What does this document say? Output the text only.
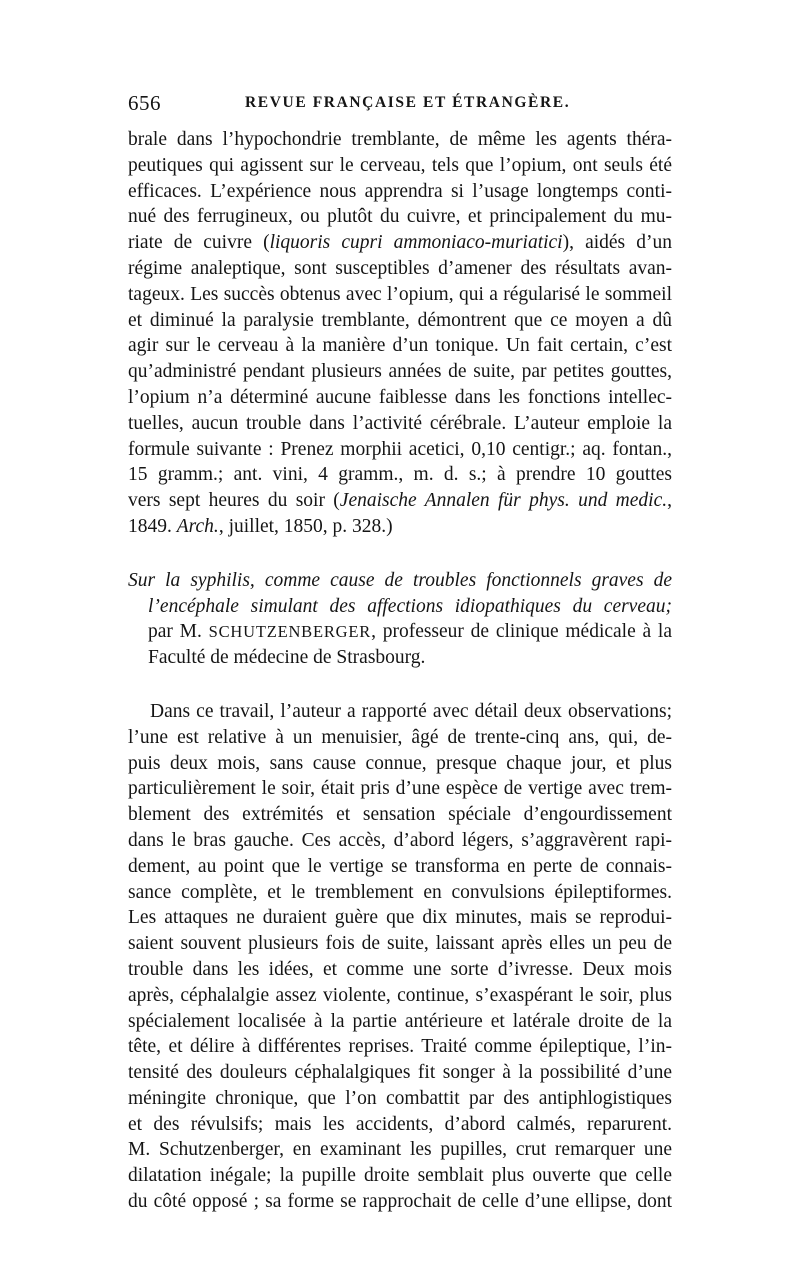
656	REVUE FRANÇAISE ET ÉTRANGÈRE.
brale dans l’hypochondrie tremblante, de même les agents théra-
peutiques qui agissent sur le cerveau, tels que l’opium, ont seuls été
efficaces. L’expérience nous apprendra si l’usage longtemps conti-
nué des ferrugineux, ou plutôt du cuivre, et principalement du mu-
riate de cuivre (liquoris cupri ammoniaco-muriatici), aidés d’un
régime analeptique, sont susceptibles d’amener des résultats avan-
tageux. Les succès obtenus avec l’opium, qui a régularisé le sommeil
et diminué la paralysie tremblante, démontrent que ce moyen a dû
agir sur le cerveau à la manière d’un tonique. Un fait certain, c’est
qu’administré pendant plusieurs années de suite, par petites gouttes,
l’opium n’a déterminé aucune faiblesse dans les fonctions intellec-
tuelles, aucun trouble dans l’activité cérébrale. L’auteur emploie la
formule suivante : Prenez morphii acetici, 0,10 centigr.; aq. fontan.,
15 gramm.; ant. vini, 4 gramm., m. d. s.; à prendre 10 gouttes
vers sept heures du soir (Jenaische Annalen für phys. und medic.,
1849. Arch., juillet, 1850, p. 328.)
Sur la syphilis, comme cause de troubles fonctionnels graves de
l’encéphale simulant des affections idiopathiques du cerveau;
par M. SCHUTZENBERGER, professeur de clinique médicale à la
Faculté de médecine de Strasbourg.
Dans ce travail, l’auteur a rapporté avec détail deux observations;
l’une est relative à un menuisier, âgé de trente-cinq ans, qui, de-
puis deux mois, sans cause connue, presque chaque jour, et plus
particulièrement le soir, était pris d’une espèce de vertige avec trem-
blement des extrémités et sensation spéciale d’engourdissement
dans le bras gauche. Ces accès, d’abord légers, s’aggravèrent rapi-
dement, au point que le vertige se transforma en perte de connais-
sance complète, et le tremblement en convulsions épileptiformes.
Les attaques ne duraient guère que dix minutes, mais se reprodui-
saient souvent plusieurs fois de suite, laissant après elles un peu de
trouble dans les idées, et comme une sorte d’ivresse. Deux mois
après, céphalalgie assez violente, continue, s’exaspérant le soir, plus
spécialement localisée à la partie antérieure et latérale droite de la
tête, et délire à différentes reprises. Traité comme épileptique, l’in-
tensité des douleurs céphalalgiques fit songer à la possibilité d’une
méningite chronique, que l’on combattit par des antiphlogistiques
et des révulsifs; mais les accidents, d’abord calmés, reparurent.
M. Schutzenberger, en examinant les pupilles, crut remarquer une
dilatation inégale; la pupille droite semblait plus ouverte que celle
du côté opposé ; sa forme se rapprochait de celle d’une ellipse, dont
